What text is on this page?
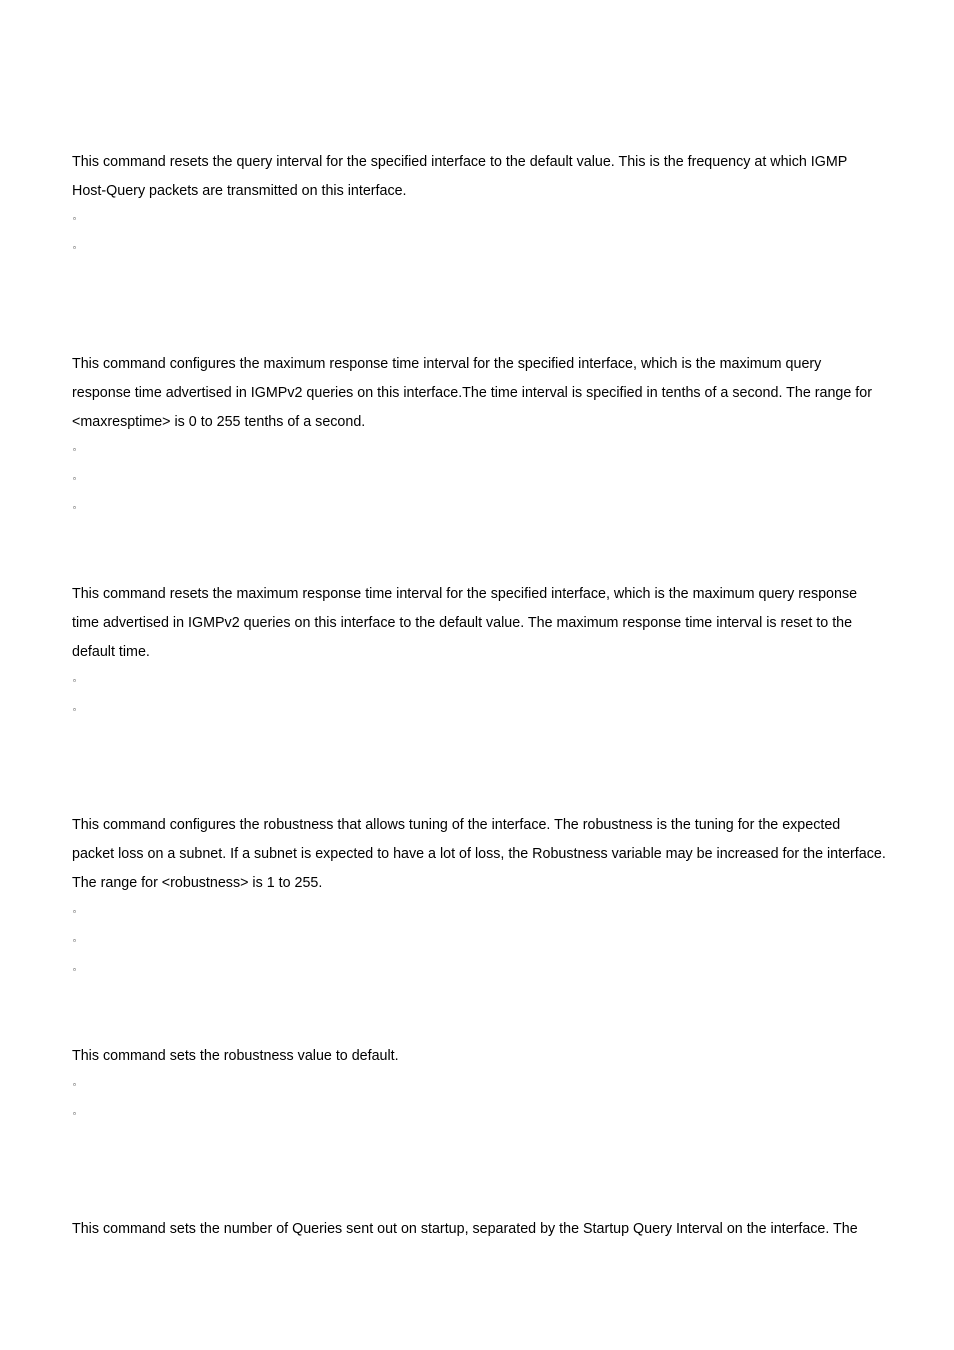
This command resets the query interval for the specified interface to the default value. This is the frequency at which IGMP
Host-Query packets are transmitted on this interface.

▫
▫

This command configures the maximum response time interval for the specified interface, which is the maximum query
response time advertised in IGMPv2 queries on this interface.The time interval is specified in tenths of a second. The range for
<maxresptime> is 0 to 255 tenths of a second.

▫
▫
▫

This command resets the maximum response time interval for the specified interface, which is the maximum query response
time advertised in IGMPv2 queries on this interface to the default value. The maximum response time interval is reset to the
default time.

▫
▫

This command configures the robustness that allows tuning of the interface. The robustness is the tuning for the expected
packet loss on a subnet. If a subnet is expected to have a lot of loss, the Robustness variable may be increased for the interface.
The range for <robustness> is 1 to 255.

▫
▫
▫

This command sets the robustness value to default.

▫
▫

This command sets the number of Queries sent out on startup, separated by the Startup Query Interval on the interface. The
